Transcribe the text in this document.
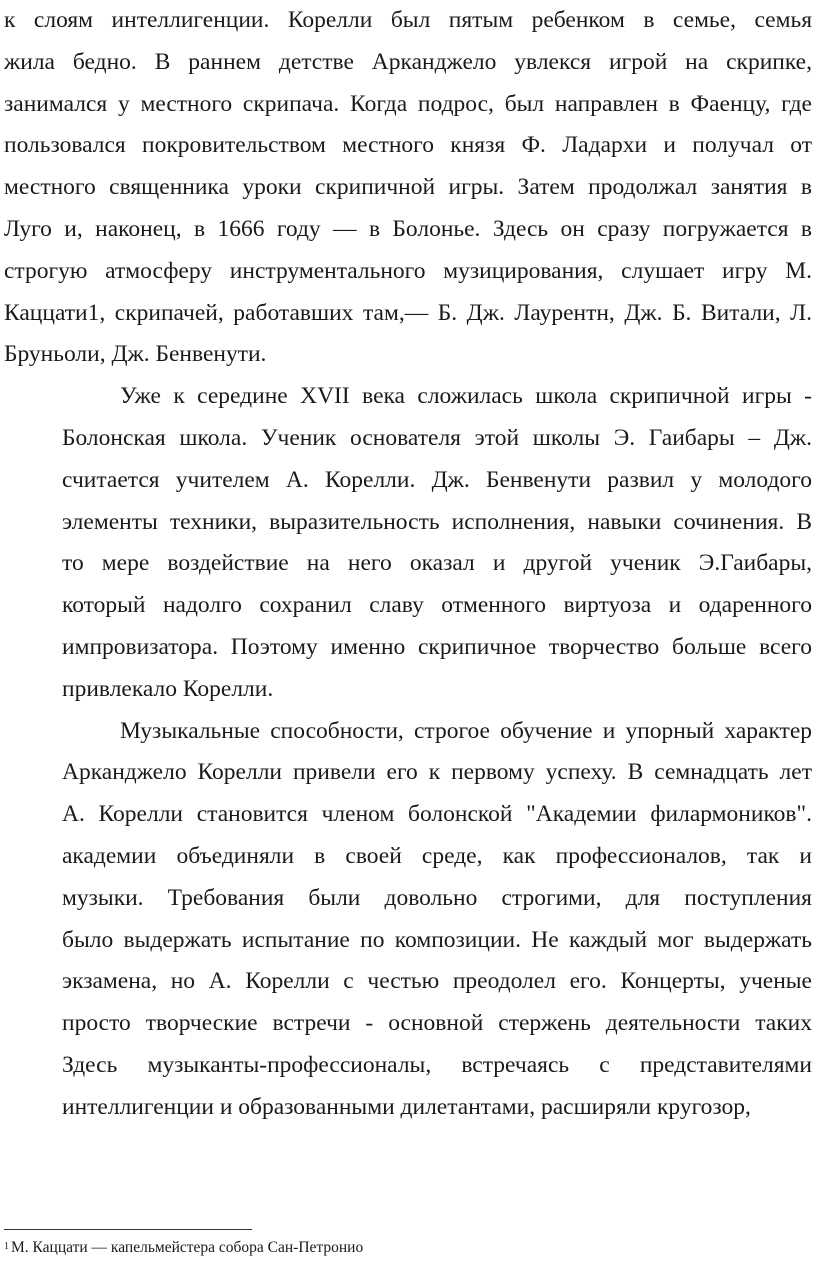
к слоям интеллигенции. Корелли был пятым ребенком в семье, семья
жила бедно. В раннем детстве Арканджело увлекся игрой на скрипке,
занимался у местного скрипача. Когда подрос, был направлен в Фаенцу, где
пользовался покровительством местного князя Ф. Ладархи и получал от
местного священника уроки скрипичной игры. Затем продолжал занятия в
Луго и, наконец, в 1666 году — в Болонье. Здесь он сразу погружается в
строгую атмосферу инструментального музицирования, слушает игру М.
Каццати1, скрипачей, работавших там,— Б. Дж. Лаурентн, Дж. Б. Витали, Л.
Бруньоли, Дж. Бенвенути.
Уже к середине XVII века сложилась школа скрипичной игры -
Болонская школа. Ученик основателя этой школы Э. Гаибары – Дж.
считается учителем А. Корелли. Дж. Бенвенути развил у молодого
элементы техники, выразительность исполнения, навыки сочинения. В
то мере воздействие на него оказал и другой ученик Э.Гаибары,
который надолго сохранил славу отменного виртуоза и одаренного
импровизатора. Поэтому именно скрипичное творчество больше всего
привлекало Корелли.
Музыкальные способности, строгое обучение и упорный характер
Арканджело Корелли привели его к первому успеху. В семнадцать лет
А. Корелли становится членом болонской "Академии филармоников".
академии объединяли в своей среде, как профессионалов, так и
музыки. Требования были довольно строгими, для поступления
было выдержать испытание по композиции. Не каждый мог выдержать
экзамена, но А. Корелли с честью преодолел его. Концерты, ученые
просто творческие встречи - основной стержень деятельности таких
Здесь музыканты-профессионалы, встречаясь с представителями
интеллигенции и образованными дилетантами, расширяли кругозор,
$^1$ М. Каццати — капельмейстера собора Сан-Петронио
